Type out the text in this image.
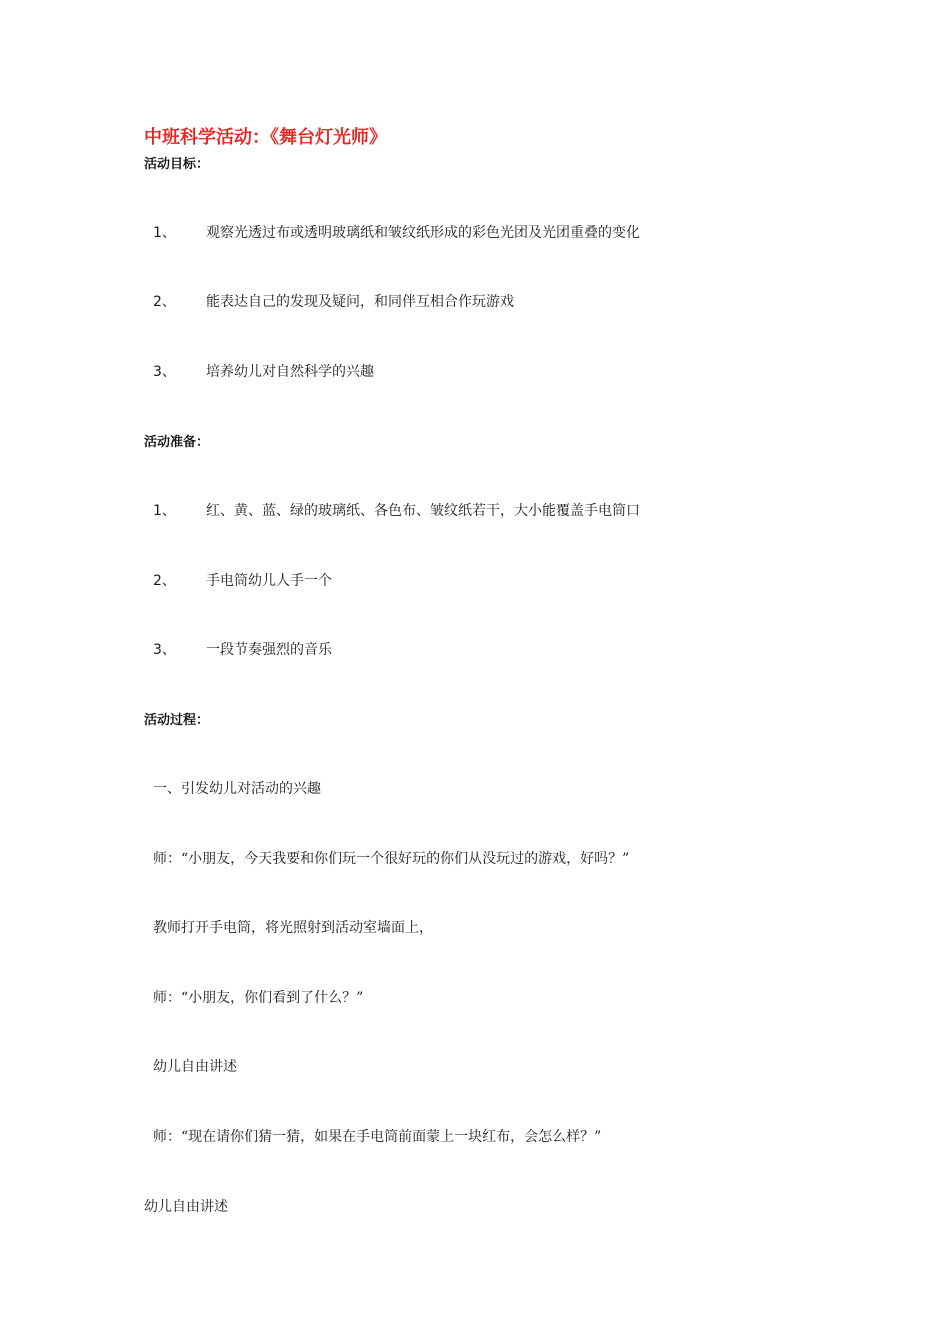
中班科学活动：《舞台灯光师》
活动目标：
1、 观察光透过布或透明玻璃纸和皱纹纸形成的彩色光团及光团重叠的变化
2、 能表达自己的发现及疑问，和同伴互相合作玩游戏
3、 培养幼儿对自然科学的兴趣
活动准备：
1、 红、黄、蓝、绿的玻璃纸、各色布、皱纹纸若干，大小能覆盖手电筒口
2、 手电筒幼儿人手一个
3、 一段节奏强烈的音乐
活动过程：
一、引发幼儿对活动的兴趣
师：“小朋友，今天我要和你们玩一个很好玩的你们从没玩过的游戏，好吗？”
教师打开手电筒，将光照射到活动室墙面上，
师：“小朋友，你们看到了什么？”
幼儿自由讲述
师：“现在请你们猜一猜，如果在手电筒前面蒙上一块红布，会怎么样？”
幼儿自由讲述
